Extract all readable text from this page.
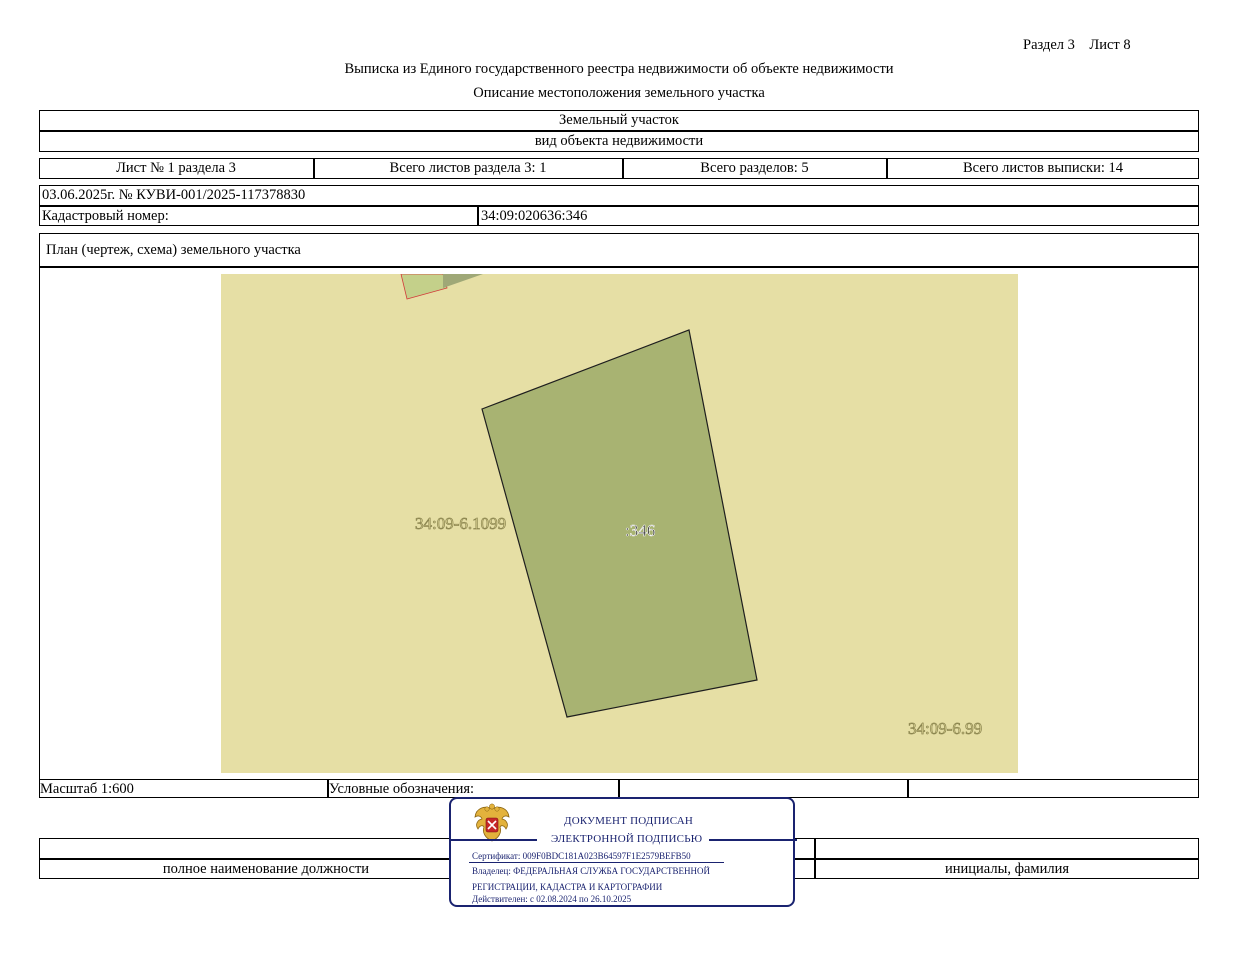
Раздел 3    Лист 8
Выписка из Единого государственного реестра недвижимости об объекте недвижимости
Описание местоположения земельного участка
Земельный участок
вид объекта недвижимости
Лист № 1 раздела 3	Всего листов раздела 3: 1	Всего разделов: 5	Всего листов выписки: 14
03.06.2025г. № КУВИ-001/2025-117378830
Кадастровый номер:	34:09:020636:346
План (чертеж, схема) земельного участка
:346
34:09-6.1099
34:09-6.99
Масштаб 1:600	Условные обозначения:
полное наименование должности	инициалы, фамилия
ДОКУМЕНТ ПОДПИСАН
ЭЛЕКТРОННОЙ ПОДПИСЬЮ
Сертификат: 009F0BDC181A023B64597F1E2579BEFB50
Владелец: ФЕДЕРАЛЬНАЯ СЛУЖБА ГОСУДАРСТВЕННОЙ
РЕГИСТРАЦИИ, КАДАСТРА И КАРТОГРАФИИ
Действителен: с 02.08.2024 по 26.10.2025
